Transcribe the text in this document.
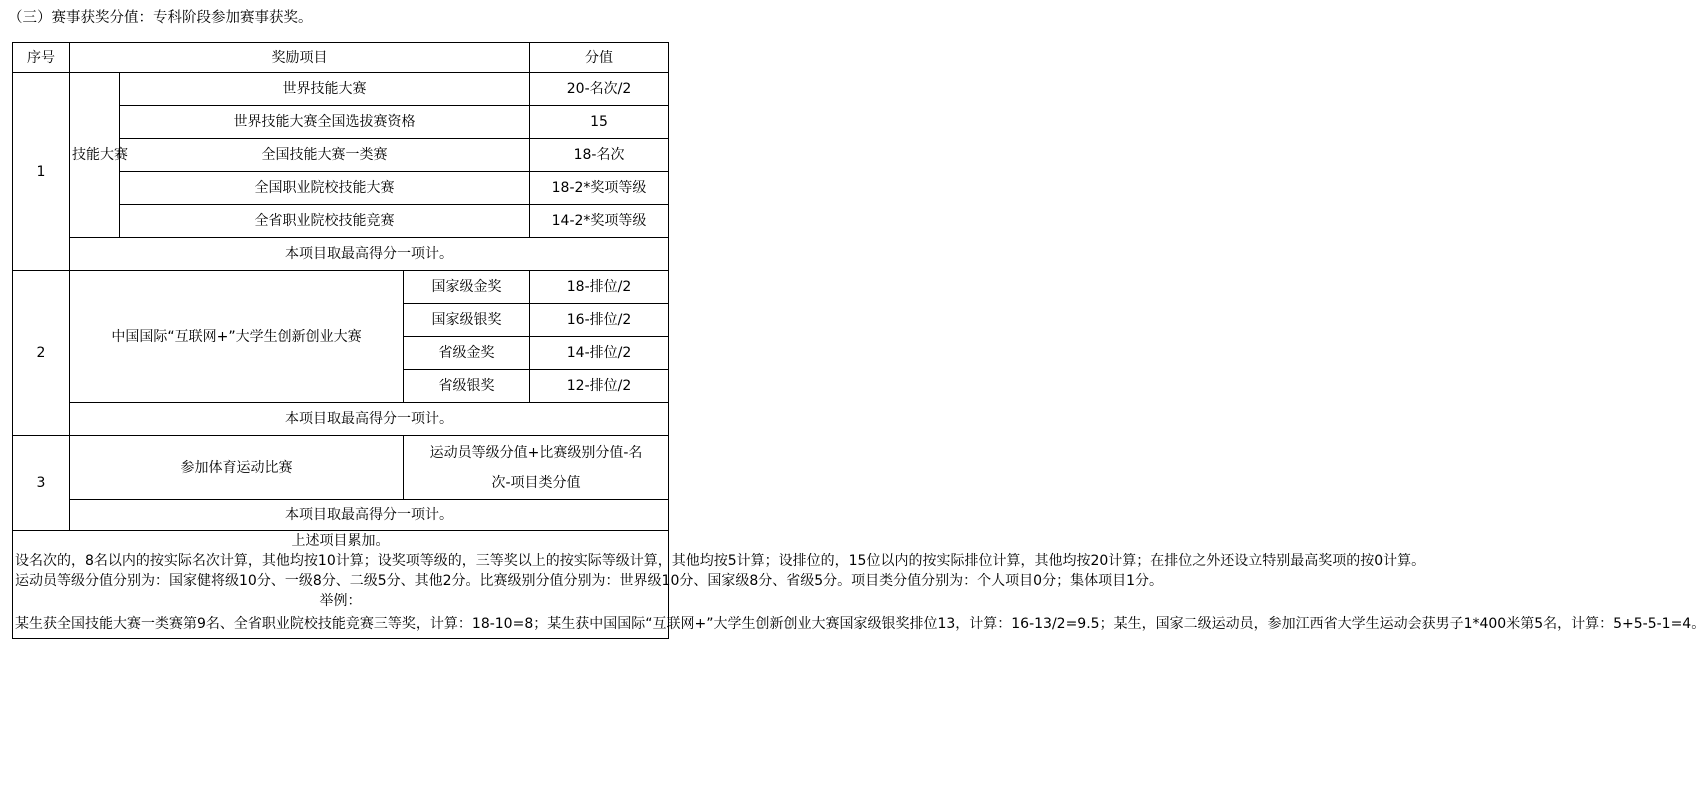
（三）赛事获奖分值：专科阶段参加赛事获奖。
序号	奖励项目			分值
1	技能大赛	世界技能大赛		20-名次/2
		世界技能大赛全国选拔赛资格		15
		全国技能大赛一类赛		18-名次
		全国职业院校技能大赛		18-2*奖项等级
		全省职业院校技能竞赛		14-2*奖项等级
	本项目取最高得分一项计。			
2	中国国际“互联网+”大学生创新创业大赛		国家级金奖	18-排位/2
			国家级银奖	16-排位/2
			省级金奖	14-排位/2
			省级银奖	12-排位/2
	本项目取最高得分一项计。			
3	参加体育运动比赛		运动员等级分值+比赛级别分值-名
次-项目类分值	

	本项目取最高得分一项计。			

上述项目累加。
设名次的，8名以内的按实际名次计算，其他均按10计算；设奖项等级的，三等奖以上的按实际等级计算，其他均按5计算；设排位的，15位以内的按实际排位计算，其他均按20计算；在排位之外还设立特别最高奖项的按0计算。
运动员等级分值分别为：国家健将级10分、一级8分、二级5分、其他2分。比赛级别分值分别为：世界级10分、国家级8分、省级5分。项目类分值分别为：个人项目0分；集体项目1分。
举例：
某生获全国技能大赛一类赛第9名、全省职业院校技能竞赛三等奖，计算：18-10=8；某生获中国国际“互联网+”大学生创新创业大赛国家级银奖排位13，计算：16-13/2=9.5；某生，国家二级运动员，参加江西省大学生运动会获男子1*400米第5名，计算：5+5-5-1=4。				
